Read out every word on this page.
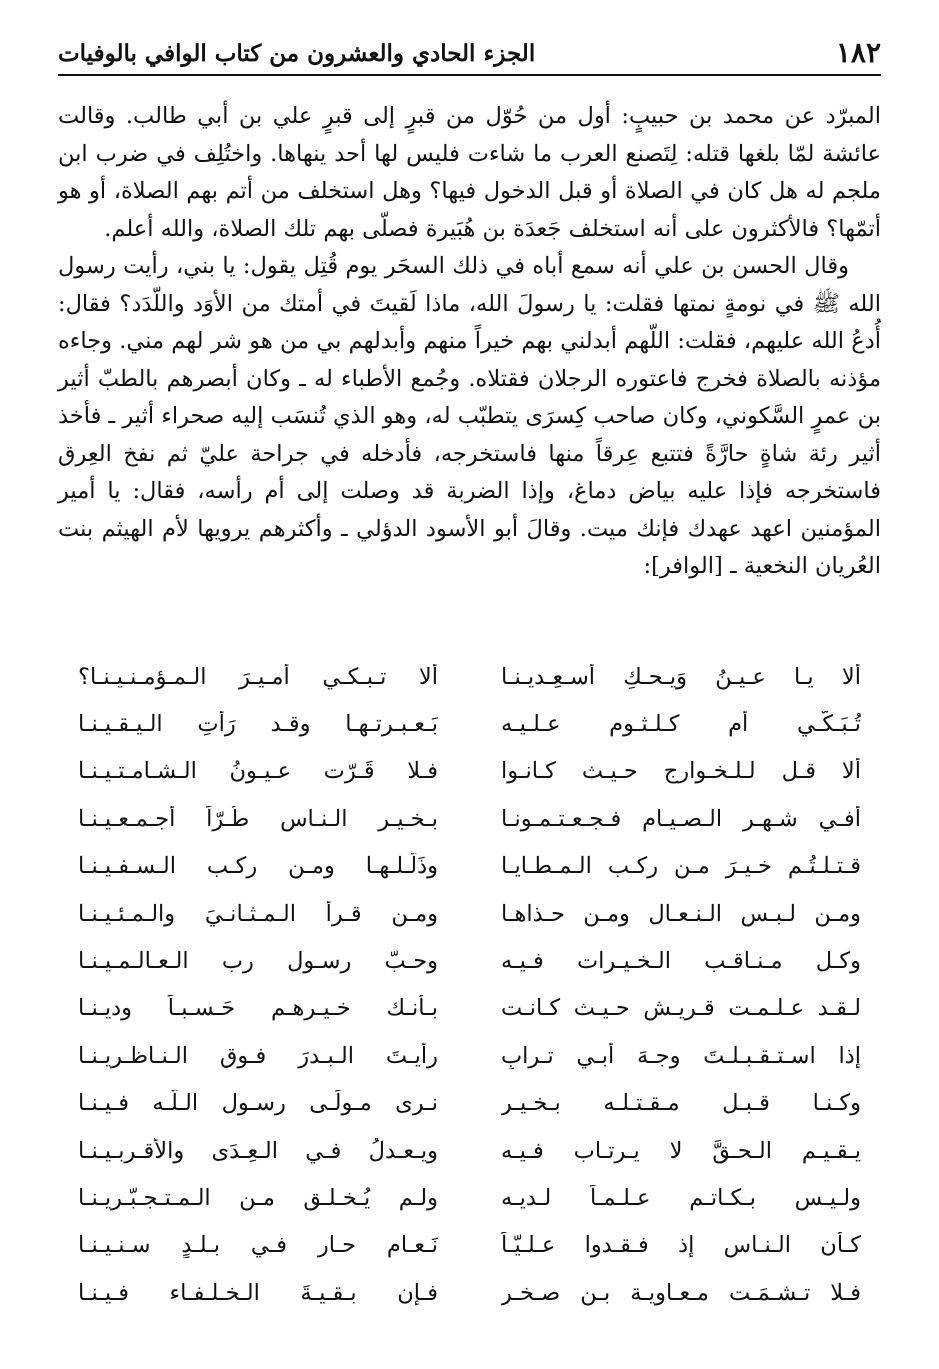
١٨٢
الجزء الحادي والعشرون من كتاب الوافي بالوفيات

المبرّد عن محمد بن حبيبٍ: أول من حُوّل من قبرٍ إلى قبرٍ علي بن أبي طالب. وقالت عائشة لمّا بلغها قتله: لِتَصنع العرب ما شاءت فليس لها أحد ينهاها. واختُلِف في ضرب ابن ملجم له هل كان في الصلاة أو قبل الدخول فيها؟ وهل استخلف من أتم بهم الصلاة، أو هو أتمّها؟ فالأكثرون على أنه استخلف جَعدَة بن هُبَيرة فصلّى بهم تلك الصلاة، والله أعلم.

وقال الحسن بن علي أنه سمع أباه في ذلك السحَر يوم قُتِل يقول: يا بني، رأيت رسول الله ﷺ في نومةٍ نمتها فقلت: يا رسولَ الله، ماذا لَقيتَ في أمتك من الأوَد واللّدَد؟ فقال: أُدعُ الله عليهم، فقلت: اللّهم أبدلني بهم خيراً منهم وأبدلهم بي من هو شر لهم مني. وجاءه مؤذنه بالصلاة فخرج فاعتوره الرجلان فقتلاه. وجُمع الأطباء له ـ وكان أبصرهم بالطبّ أثير بن عمرٍ السَّكوني، وكان صاحب كِسرَى يتطبّب له، وهو الذي تُنسَب إليه صحراء أثير ـ فأخذ أثير رئة شاةٍ حارَّةً فتتبع عِرقاً منها فاستخرجه، فأدخله في جراحة عليّ ثم نفخ العِرق فاستخرجه فإذا عليه بياض دماغ، وإذا الضربة قد وصلت إلى أم رأسه، فقال: يا أمير المؤمنين اعهد عهدك فإنك ميت. وقالَ أبو الأسود الدؤلي ـ وأكثرهم يرويها لأم الهيثم بنت العُريان النخعية ـ [الوافر]:

ألا يـا عـيـنُ وَيـحـكِ أسـعِـديـنـا
ألا تـبـكـي أمـيـرَ الـمـؤمـنـيـنـا؟
تُـبَـكّـي أم كـلـثـومٍ عـلـيـه
بَـعـبـرتـهـا وقـد رَأتِ الـيـقـيـنـا
ألا قـل لـلـخـوارج حـيـث كـانـوا
فـلا قَـرّت عـيـونُ الـشـامـتـيـنـا
أفـي شـهـر الـصـيـام فـجـعـتـمـونـا
بـخـيـر الـنـاس طُـرّاً أجـمـعـيـنـا
قـتـلـتُـم خـيـرَ مـن ركـب الـمـطـايـا
وذَلّـلـهـا ومـن ركـب الـسـفـيـنـا
ومـن لـبـس الـنـعـال ومـن حـذاهـا
ومـن قـرأ الـمـثـانـيَ والـمـئـيـنـا
وكـل مـنـاقـب الـخـيـرات فـيـه
وحـبّ رسـول رب الـعـالـمـيـنـا
لـقـد عـلـمـت قـريـش حـيـث كـانـت
بـأنـك خـيـرهـم حَـسـبـاً وديـنـا
إذا اسـتـقـبـلـتَ وجـهَ أبـي تـرابٍ
رأيـتَ الـبـدرَ فـوق الـنـاظـريـنـا
وكـنـا قـبـل مـقـتـلـه بـخـيـرٍ
نـرى مـولَـى رسـول الـلّـه فـيـنـا
يـقـيـم الـحـقَّ لا يـرتـاب فـيـه
ويـعـدلُ فـي الـعِـدَى والأقـربـيـنـا
ولـيـس بـكـاتـمٍ عـلـمـاً لـديـه
ولـم يُـخـلـق مـن الـمـتـجـبّـريـنـا
كـأن الـنـاس إذ فـقـدوا عـلـيّـاً
نَـعـام حـار فـي بـلـدٍ سـنـيـنـا
فـلا تـشـمَـت مـعـاويـة بـن صـخـرٍ
فـإن بـقـيـةَ الـخـلـفـاء فـيـنـا
